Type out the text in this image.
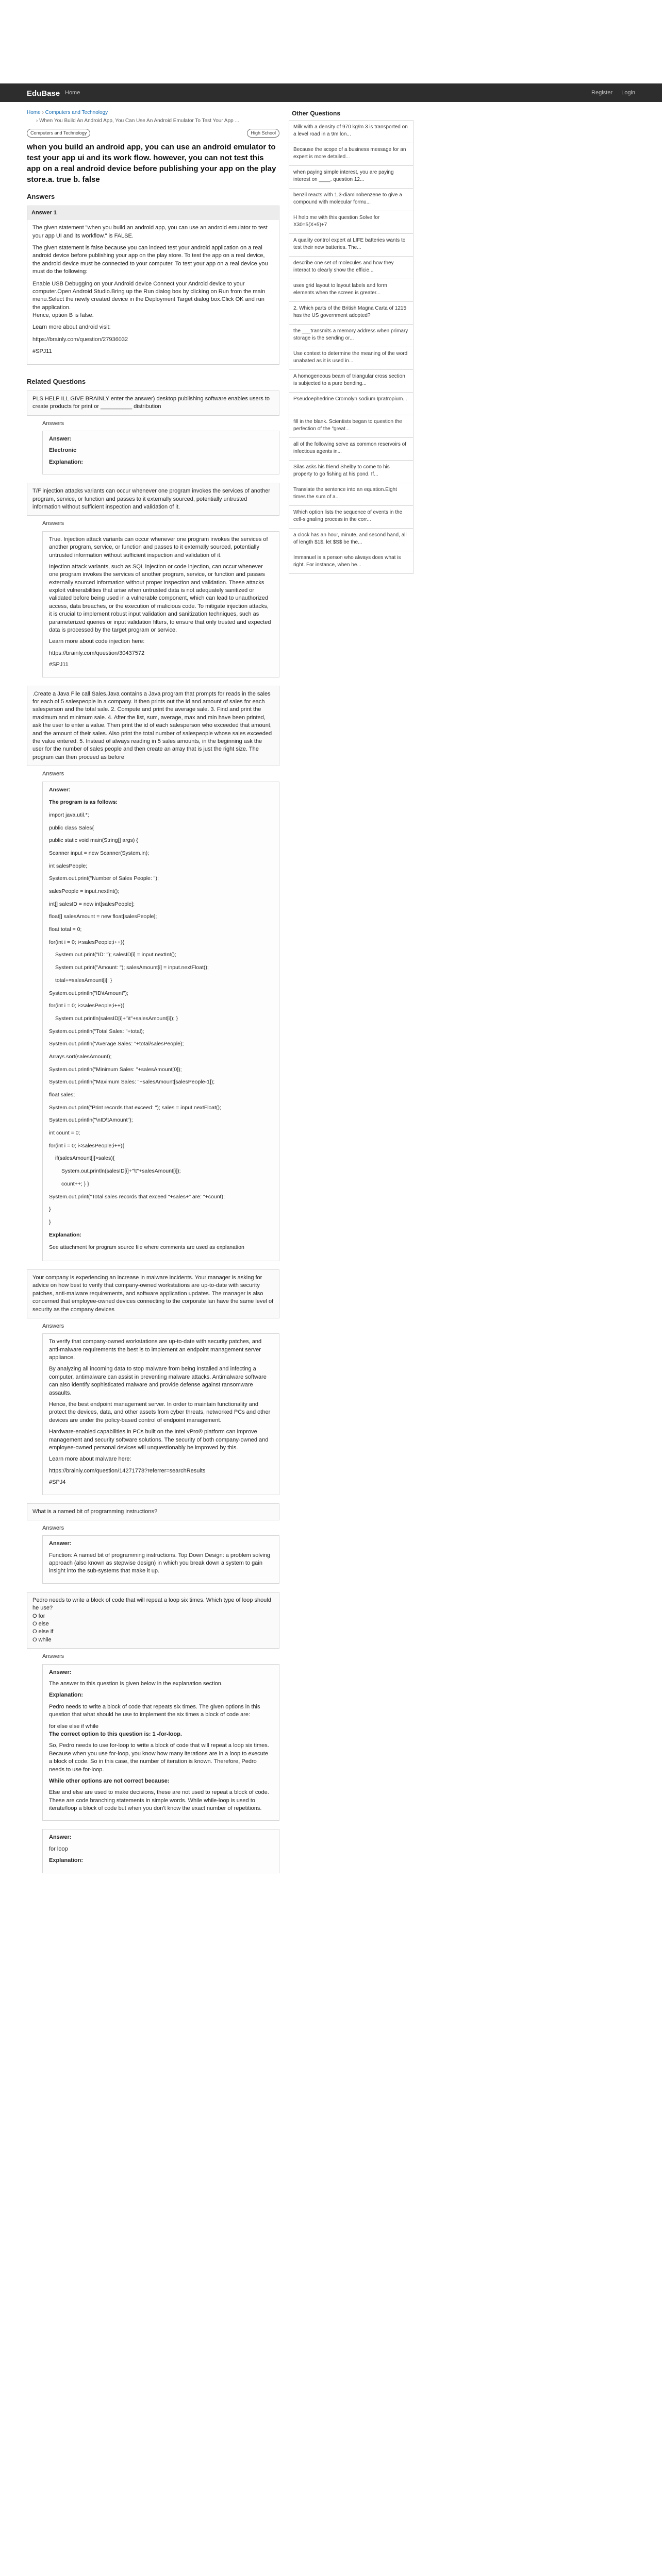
EduBase Home	Register Login
Home › Computers and Technology
› When You Build An Android App, You Can Use An Android Emulator To Test Your App ...
Computers and Technology	High School
when you build an android app, you can use an android emulator to test your app ui and its work flow. however, you can not test this app on a real android device before publishing your app on the play store.a. true b. false
Answers
Answer 1

The given statement "when you build an android app, you can use an android emulator to test your app UI and its workflow." is FALSE.

The given statement is false because you can indeed test your android application on a real android device before publishing your app on the play store. To test the app on a real device, the android device must be connected to your computer. To test your app on a real device you must do the following:

Enable USB Debugging on your Android device Connect your Android device to your computer.Open Android Studio.Bring up the Run dialog box by clicking on Run from the main menu.Select the newly created device in the Deployment Target dialog box.Click OK and run the application.

Hence, option B is false.

Learn more about android visit:

https://brainly.com/question/27936032

#SPJ11

Related Questions
PLS HELP ILL GIVE BRAINLY enter the answer) desktop publishing software enables users to create products for print or __________ distribution
Answers

Answer:

Electronic

Explanation:

T/F injection attacks variants can occur whenever one program invokes the services of another program, service, or function and passes to it externally sourced, potentially untrusted information without sufficient inspection and validation of it.
Answers

True. Injection attack variants can occur whenever one program invokes the services of another program, service, or function and passes to it externally sourced, potentially untrusted information without sufficient inspection and validation of it.

Injection attack variants, such as SQL injection or code injection, can occur whenever one program invokes the services of another program, service, or function and passes externally sourced information without proper inspection and validation. These attacks exploit vulnerabilities that arise when untrusted data is not adequately sanitized or validated before being used in a vulnerable component, which can lead to unauthorized access, data breaches, or the execution of malicious code. To mitigate injection attacks, it is crucial to implement robust input validation and sanitization techniques, such as parameterized queries or input validation filters, to ensure that only trusted and expected data is processed by the target program or service.

Learn more about code injection here:

https://brainly.com/question/30437572

#SPJ11

.Create a Java File call Sales.Java contains a Java program that prompts for reads in the sales for each of 5 salespeople in a company. It then prints out the id and amount of sales for each salesperson and the total sale. 2. Compute and print the average sale. 3. Find and print the maximum and minimum sale. 4. After the list, sum, average, max and min have been printed, ask the user to enter a value. Then print the id of each salesperson who exceeded that amount, and the amount of their sales. Also print the total number of salespeople whose sales exceeded the value entered. 5. Instead of always reading in 5 sales amounts, in the beginning ask the user for the number of sales people and then create an array that is just the right size. The program can then proceed as before
Answers

Answer:

The program is as follows:

import java.util.*;

public class Sales{

public static void main(String[] args) {

Scanner input = new Scanner(System.in);

int salesPeople;

System.out.print("Number of Sales People: ");

salesPeople = input.nextInt();

int[] salesID = new int[salesPeople];

float[] salesAmount = new float[salesPeople];

float total = 0;

for(int i = 0; i<salesPeople;i++){

System.out.print("ID: "); salesID[i] = input.nextInt();

System.out.print("Amount: "); salesAmount[i] = input.nextFloat();

total+=salesAmount[i]; }

System.out.println("ID\tAmount");

for(int i = 0; i<salesPeople;i++){

System.out.println(salesID[i]+"\t"+salesAmount[i]); }

System.out.println("Total Sales: "+total);

System.out.println("Average Sales: "+total/salesPeople);

Arrays.sort(salesAmount);

System.out.println("Minimum Sales: "+salesAmount[0]);

System.out.println("Maximum Sales: "+salesAmount[salesPeople-1]);

float sales;

System.out.print("Print records that exceed: "); sales = input.nextFloat();

System.out.println("\nID\tAmount");

int count = 0;

for(int i = 0; i<salesPeople;i++){

if(salesAmount[i]>sales){

System.out.println(salesID[i]+"\t"+salesAmount[i]);

count++; } }

System.out.print("Total sales records that exceed "+sales+" are: "+count);

}

}

Explanation:

See attachment for program source file where comments are used as explanation

Your company is experiencing an increase in malware incidents. Your manager is asking for advice on how best to verify that company-owned workstations are up-to-date with security patches, anti-malware requirements, and software application updates. The manager is also concerned that employee-owned devices connecting to the corporate lan have the same level of security as the company devices
Answers

To verify that company-owned workstations are up-to-date with security patches, and anti-malware requirements the best is to implement an endpoint management server appliance.

By analyzing all incoming data to stop malware from being installed and infecting a computer, antimalware can assist in preventing malware attacks. Antimalware software can also identify sophisticated malware and provide defense against ransomware assaults.

Hence, the best endpoint management server. In order to maintain functionality and protect the devices, data, and other assets from cyber threats, networked PCs and other devices are under the policy-based control of endpoint management.

Hardware-enabled capabilities in PCs built on the Intel vPro® platform can improve management and security software solutions. The security of both company-owned and employee-owned personal devices will unquestionably be improved by this.

Learn more about malware here:

https://brainly.com/question/14271778?referrer=searchResults

#SPJ4

What is a named bit of programming instructions?
Answers

Answer:

Function: A named bit of programming instructions. Top Down Design: a problem solving approach (also known as stepwise design) in which you break down a system to gain insight into the sub-systems that make it up.

Pedro needs to write a block of code that will repeat a loop six times. Which type of loop should he use?

O for

O else

O else if

O while

Answers

Answer:

The answer to this question is given below in the explanation section.

Explanation:

Pedro needs to write a block of code that repeats six times. The given options in this question that what should he use to implement the six times a block of code are:

for else else if while

The correct option to this question is: 1 -for-loop.

So, Pedro needs to use for-loop to write a block of code that will repeat a loop six times. Because when you use for-loop, you know how many iterations are in a loop to execute a block of code. So in this case, the number of iteration is known. Therefore, Pedro needs to use for-loop.

While other options are not correct because:

Else and else are used to make decisions, these are not used to repeat a block of code. These are code branching statements in simple words. While while-loop is used to iterate/loop a block of code but when you don't know the exact number of repetitions.

Answer:

for loop

Explanation:

Other Questions
Milk with a density of 970 kg/m 3 is transported on a level road in a 9m lon...
Because the scope of a business message for an expert is more detailed...
when paying simple interest, you are paying interest on ____. question 12...
benzil reacts with 1,3-diaminobenzene to give a compound with molecular formu...
H help me with this question Solve for X30=5(X+5)+7
A quality control expert at LIFE batteries wants to test their new batteries. The...
describe one set of molecules and how they interact to clearly show the efficie...
uses grid layout to layout labels and form elements when the screen is greater...
2. Which parts of the British Magna Carta of 1215 has the US government adopted?
the ___transmits a memory address when primary storage is the sending or...
Use context to determine the meaning of the word unabated as it is used in...
A homogeneous beam of triangular cross section is subjected to a pure bending...
Pseudoephedrine Cromolyn sodium Ipratropium...
fill in the blank. Scientists began to question the perfection of the "great...
all of the following serve as common reservoirs of infectious agents in...
Silas asks his friend Shelby to come to his property to go fishing at his pond. If...
Translate the sentence into an equation.Eight times the sum of a...
Which option lists the sequence of events in the cell-signaling process in the corr...
a clock has an hour, minute, and second hand, all of length $1$. let $S$ be the...
Immanuel is a person who always does what is right. For instance, when he...
